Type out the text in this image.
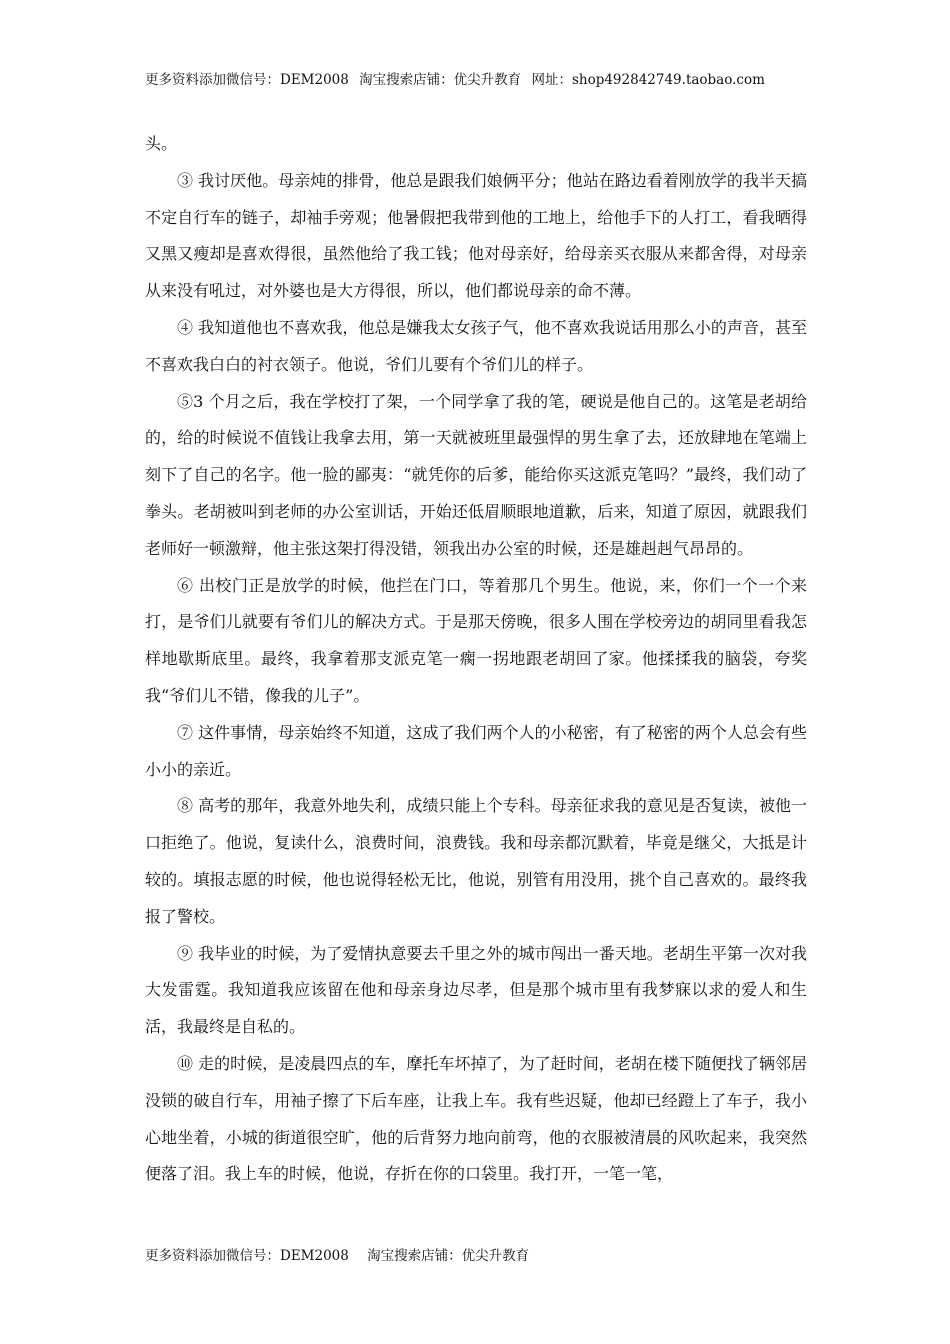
更多资料添加微信号：DEM2008 淘宝搜索店铺：优尖升教育 网址：shop492842749.taobao.com

头。

③ 我讨厌他。母亲炖的排骨，他总是跟我们娘俩平分；他站在路边看着刚放学的我半天搞不定自行车的链子，却袖手旁观；他暑假把我带到他的工地上，给他手下的人打工，看我晒得又黑又瘦却是喜欢得很，虽然他给了我工钱；他对母亲好，给母亲买衣服从来都舍得，对母亲从来没有吼过，对外婆也是大方得很，所以，他们都说母亲的命不薄。

④ 我知道他也不喜欢我，他总是嫌我太女孩子气，他不喜欢我说话用那么小的声音，甚至不喜欢我白白的衬衣领子。他说，爷们儿要有个爷们儿的样子。

⑤3 个月之后，我在学校打了架，一个同学拿了我的笔，硬说是他自己的。这笔是老胡给的，给的时候说不值钱让我拿去用，第一天就被班里最强悍的男生拿了去，还放肆地在笔端上刻下了自己的名字。他一脸的鄙夷：“就凭你的后爹，能给你买这派克笔吗？”最终，我们动了拳头。老胡被叫到老师的办公室训话，开始还低眉顺眼地道歉，后来，知道了原因，就跟我们老师好一顿激辩，他主张这架打得没错，领我出办公室的时候，还是雄赳赳气昂昂的。

⑥ 出校门正是放学的时候，他拦在门口，等着那几个男生。他说，来，你们一个一个来打，是爷们儿就要有爷们儿的解决方式。于是那天傍晚，很多人围在学校旁边的胡同里看我怎样地歇斯底里。最终，我拿着那支派克笔一瘸一拐地跟老胡回了家。他揉揉我的脑袋，夸奖我“爷们儿不错，像我的儿子”。

⑦ 这件事情，母亲始终不知道，这成了我们两个人的小秘密，有了秘密的两个人总会有些小小的亲近。

⑧ 高考的那年，我意外地失利，成绩只能上个专科。母亲征求我的意见是否复读，被他一口拒绝了。他说，复读什么，浪费时间，浪费钱。我和母亲都沉默着，毕竟是继父，大抵是计较的。填报志愿的时候，他也说得轻松无比，他说，别管有用没用，挑个自己喜欢的。最终我报了警校。

⑨ 我毕业的时候，为了爱情执意要去千里之外的城市闯出一番天地。老胡生平第一次对我大发雷霆。我知道我应该留在他和母亲身边尽孝，但是那个城市里有我梦寐以求的爱人和生活，我最终是自私的。

⑩ 走的时候，是凌晨四点的车，摩托车坏掉了，为了赶时间，老胡在楼下随便找了辆邻居没锁的破自行车，用袖子擦了下后车座，让我上车。我有些迟疑，他却已经蹬上了车子，我小心地坐着，小城的街道很空旷，他的后背努力地向前弯，他的衣服被清晨的风吹起来，我突然便落了泪。我上车的时候，他说，存折在你的口袋里。我打开，一笔一笔，

更多资料添加微信号：DEM2008 淘宝搜索店铺：优尖升教育
